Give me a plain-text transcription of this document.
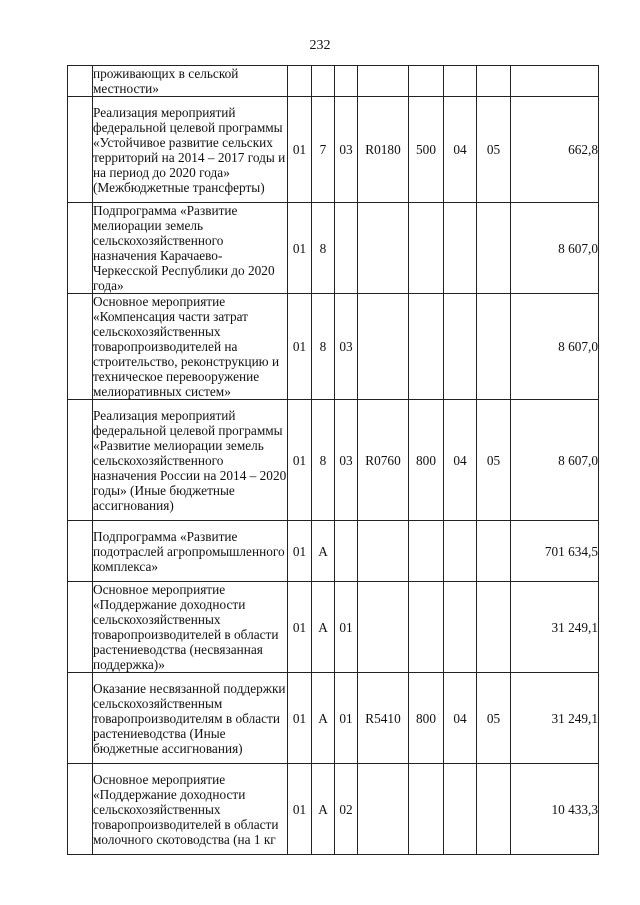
232
	проживающих в сельской местности»								
	Реализация мероприятий федеральной целевой программы «Устойчивое развитие сельских территорий на 2014 – 2017 годы и на период до 2020 года» (Межбюджетные трансферты)	01	7	03	R0180	500	04	05	662,8
	Подпрограмма «Развитие мелиорации земель сельскохозяйственного назначения Карачаево-Черкесской Республики до 2020 года»	01	8						8 607,0
	Основное мероприятие «Компенсация части затрат сельскохозяйственных товаропроизводителей на строительство, реконструкцию и техническое перевооружение мелиоративных систем»	01	8	03					8 607,0
	Реализация мероприятий федеральной целевой программы «Развитие мелиорации земель сельскохозяйственного назначения России на 2014 – 2020 годы» (Иные бюджетные ассигнования)	01	8	03	R0760	800	04	05	8 607,0
	Подпрограмма «Развитие подотраслей агропромышленного комплекса»	01	А						701 634,5
	Основное мероприятие «Поддержание доходности сельскохозяйственных товаропроизводителей в области растениеводства (несвязанная поддержка)»	01	А	01					31 249,1
	Оказание несвязанной поддержки сельскохозяйственным товаропроизводителям в области растениеводства (Иные бюджетные ассигнования)	01	А	01	R5410	800	04	05	31 249,1
	Основное мероприятие «Поддержание доходности сельскохозяйственных товаропроизводителей в области молочного скотоводства (на 1 кг	01	А	02					10 433,3
